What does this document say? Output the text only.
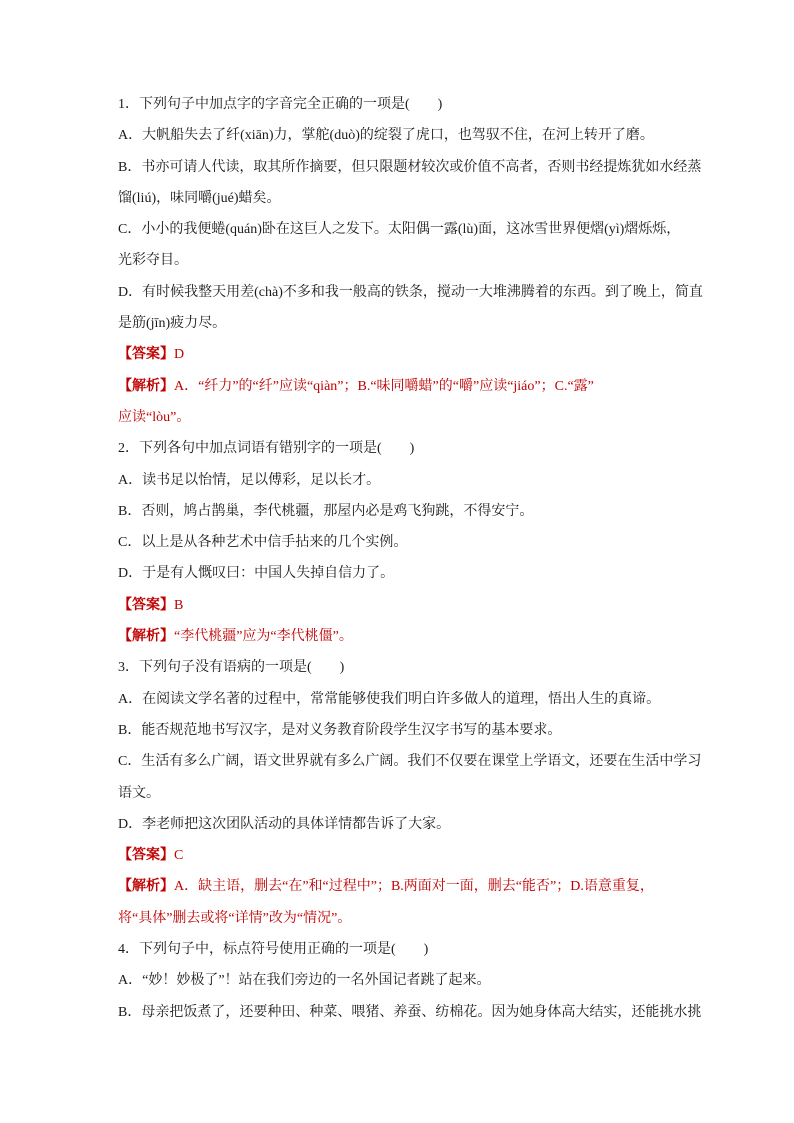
1．下列句子中加点字的字音完全正确的一项是(　　)
A．大帆船失去了纤(xiān)力，掌舵(duò)的绽裂了虎口，也驾驭不住，在河上转开了磨。
B．书亦可请人代读，取其所作摘要，但只限题材较次或价值不高者，否则书经提炼犹如水经蒸
馏(liú)，味同嚼(jué)蜡矣。
C．小小的我便蜷(quán)卧在这巨人之发下。太阳偶一露(lù)面，这冰雪世界便熠(yì)熠烁烁，
光彩夺目。
D．有时候我整天用差(chà)不多和我一般高的铁条，搅动一大堆沸腾着的东西。到了晚上，简直
是筋(jīn)疲力尽。
【答案】D
【解析】A．“纤力”的“纤”应读“qiàn”；B.“味同嚼蜡”的“嚼”应读“jiáo”；C.“露”
应读“lòu”。
2．下列各句中加点词语有错别字的一项是(　　)
A．读书足以怡情，足以傅彩，足以长才。
B．否则，鸠占鹊巢，李代桃疆，那屋内必是鸡飞狗跳，不得安宁。
C．以上是从各种艺术中信手拈来的几个实例。
D．于是有人慨叹曰：中国人失掉自信力了。
【答案】B
【解析】“李代桃疆”应为“李代桃僵”。
3．下列句子没有语病的一项是(　　)
A．在阅读文学名著的过程中，常常能够使我们明白许多做人的道理，悟出人生的真谛。
B．能否规范地书写汉字，是对义务教育阶段学生汉字书写的基本要求。
C．生活有多么广阔，语文世界就有多么广阔。我们不仅要在课堂上学语文，还要在生活中学习
语文。
D．李老师把这次团队活动的具体详情都告诉了大家。
【答案】C
【解析】A．缺主语，删去“在”和“过程中”；B.两面对一面，删去“能否”；D.语意重复，
将“具体”删去或将“详情”改为“情况”。
4．下列句子中，标点符号使用正确的一项是(　　)
A．“妙！妙极了”！站在我们旁边的一名外国记者跳了起来。
B．母亲把饭煮了，还要种田、种菜、喂猪、养蚕、纺棉花。因为她身体高大结实，还能挑水挑
